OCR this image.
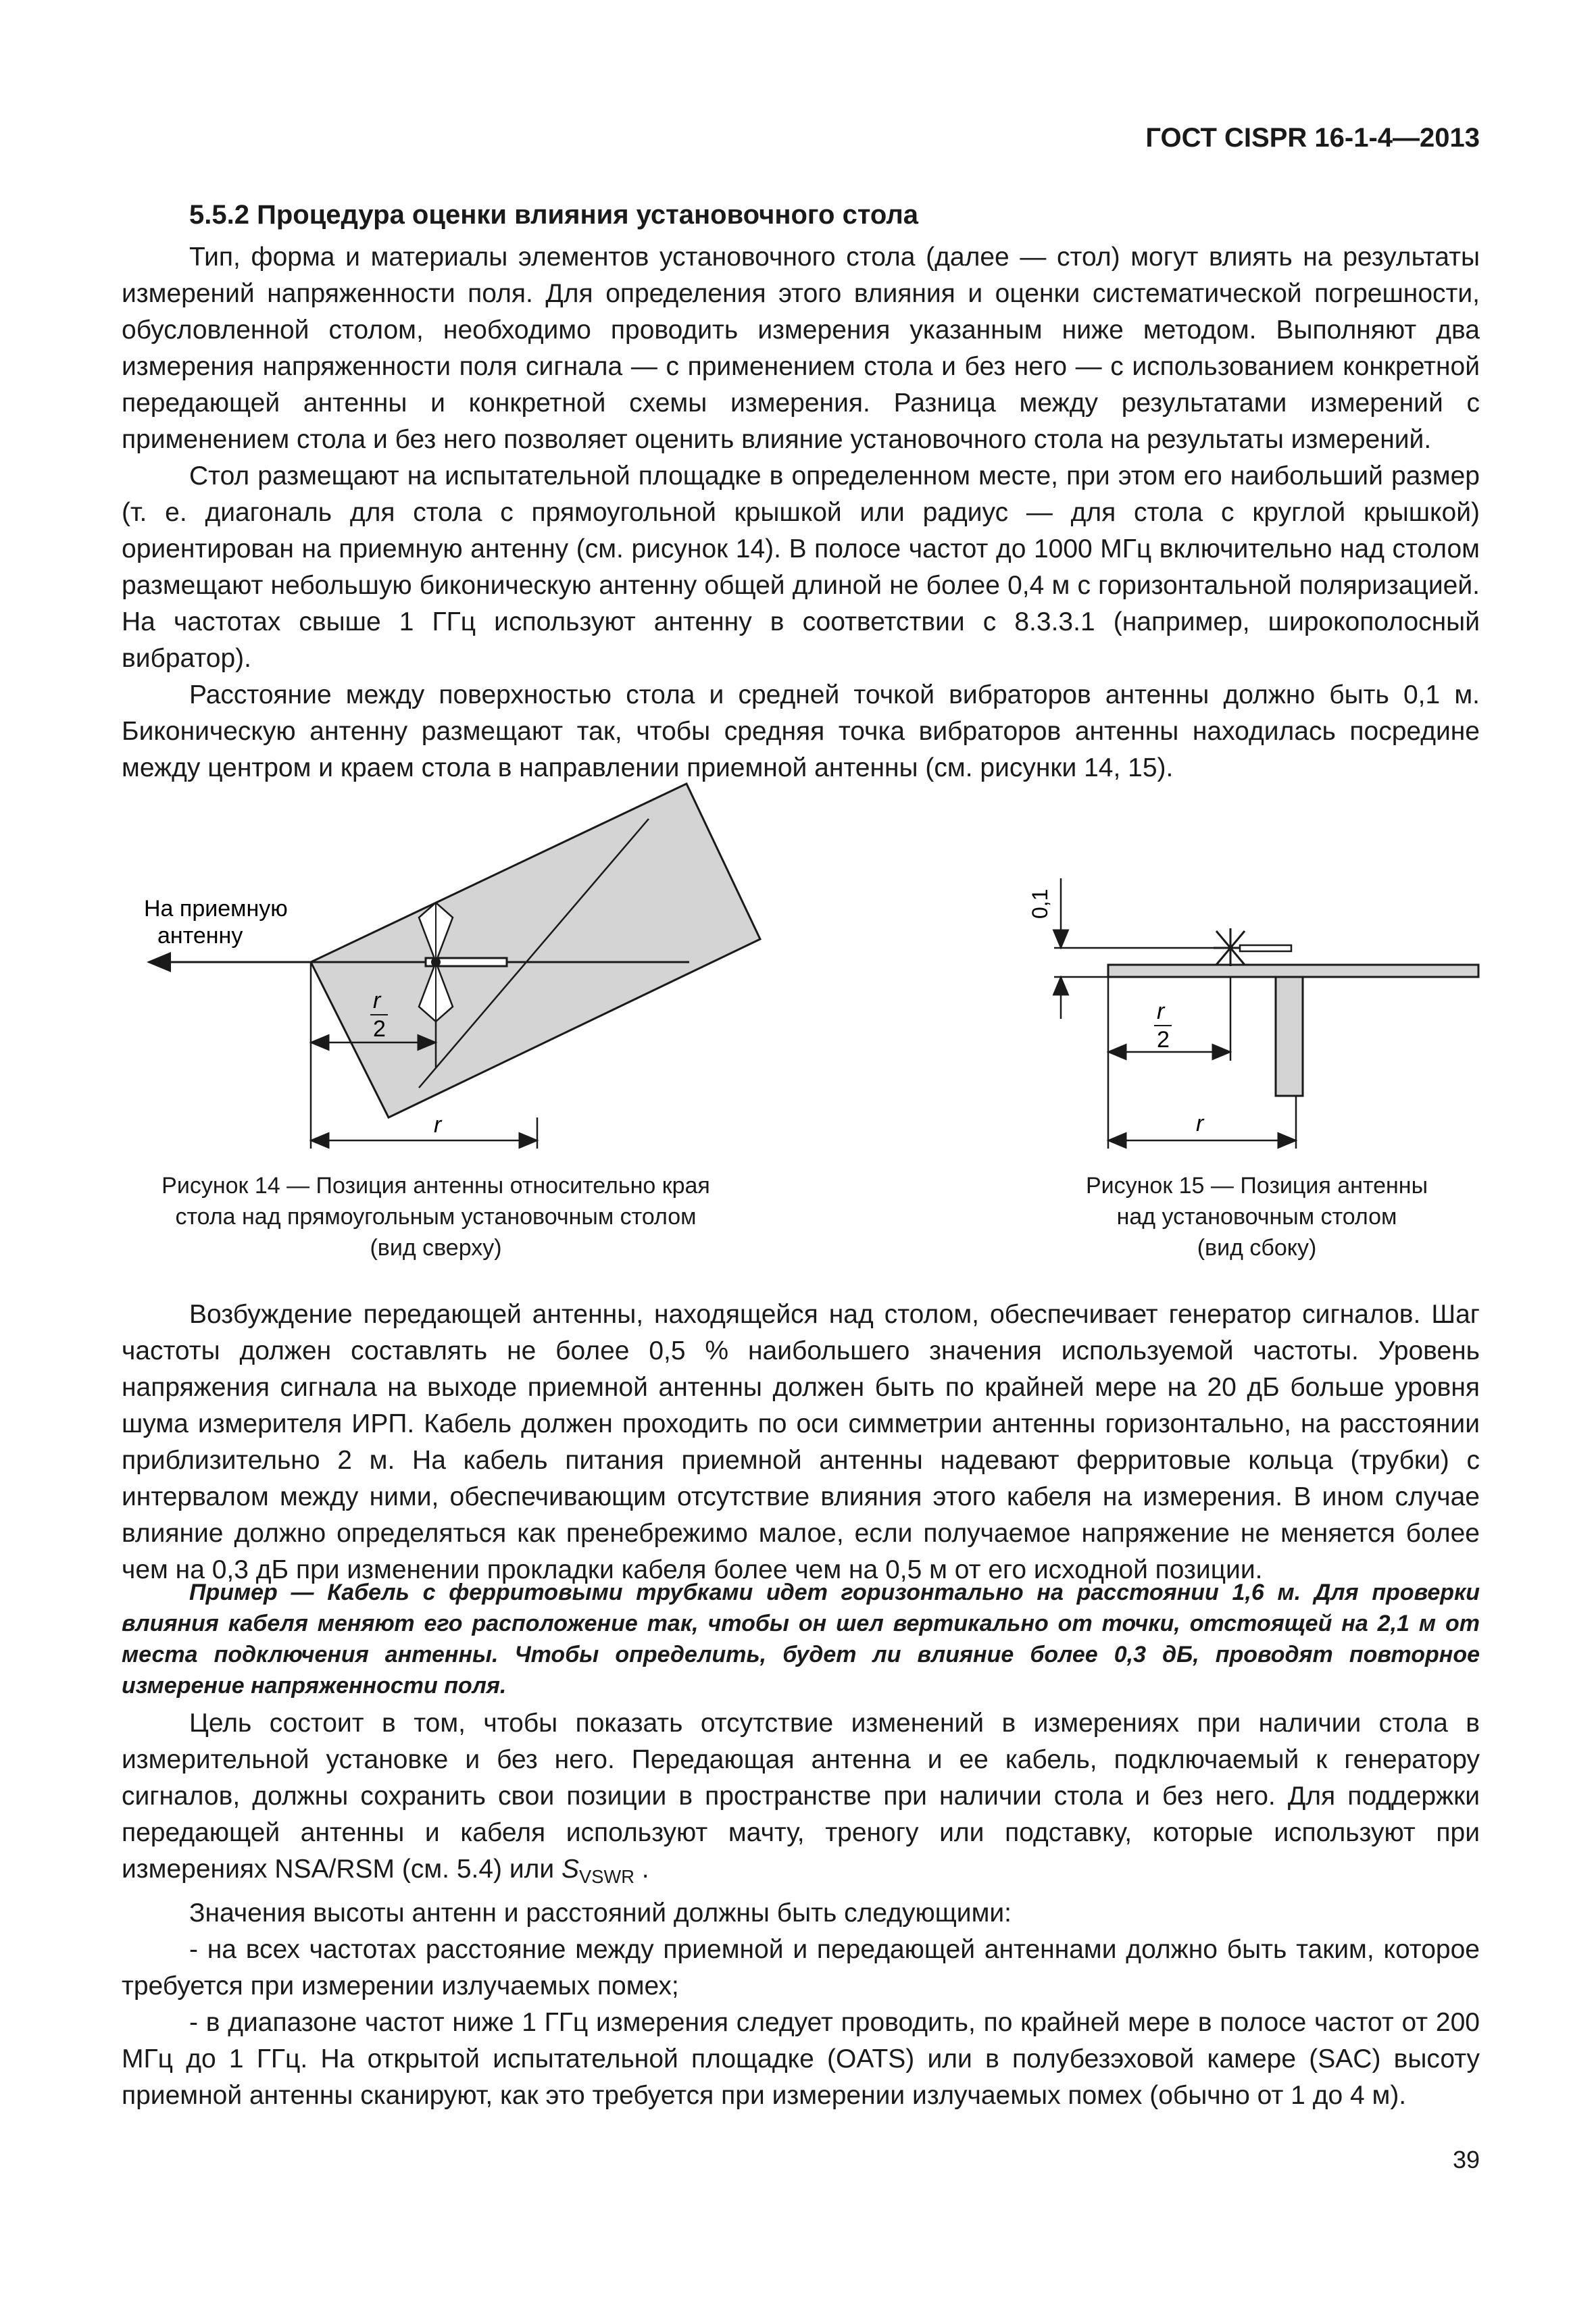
ГОСТ CISPR 16-1-4—2013
5.5.2 Процедура оценки влияния установочного стола

Тип, форма и материалы элементов установочного стола (далее — стол) могут влиять на результаты измерений напряженности поля. Для определения этого влияния и оценки систематической погрешности, обусловленной столом, необходимо проводить измерения указанным ниже методом. Выполняют два измерения напряженности поля сигнала — с применением стола и без него — с использованием конкретной передающей антенны и конкретной схемы измерения. Разница между результатами измерений с применением стола и без него позволяет оценить влияние установочного стола на результаты измерений.

Стол размещают на испытательной площадке в определенном месте, при этом его наибольший размер (т. е. диагональ для стола с прямоугольной крышкой или радиус — для стола с круглой крышкой) ориентирован на приемную антенну (см. рисунок 14). В полосе частот до 1000 МГц включительно над столом размещают небольшую биконическую антенну общей длиной не более 0,4 м с горизонтальной поляризацией. На частотах свыше 1 ГГц используют антенну в соответствии с 8.3.3.1 (например, широкополосный вибратор).

Расстояние между поверхностью стола и средней точкой вибраторов антенны должно быть 0,1 м. Биконическую антенну размещают так, чтобы средняя точка вибраторов антенны находилась посредине между центром и краем стола в направлении приемной антенны (см. рисунки 14, 15).

На приемную
антенну
r
2
r
Рисунок 14 — Позиция антенны относительно края
стола над прямоугольным установочным столом
(вид сверху)
0,1
r
2
r
Рисунок 15 — Позиция антенны
над установочным столом
(вид сбоку)

Возбуждение передающей антенны, находящейся над столом, обеспечивает генератор сигналов. Шаг частоты должен составлять не более 0,5 % наибольшего значения используемой частоты. Уровень напряжения сигнала на выходе приемной антенны должен быть по крайней мере на 20 дБ больше уровня шума измерителя ИРП. Кабель должен проходить по оси симметрии антенны горизонтально, на расстоянии приблизительно 2 м. На кабель питания приемной антенны надевают ферритовые кольца (трубки) с интервалом между ними, обеспечивающим отсутствие влияния этого кабеля на измерения. В ином случае влияние должно определяться как пренебрежимо малое, если получаемое напряжение не меняется более чем на 0,3 дБ при изменении прокладки кабеля более чем на 0,5 м от его исходной позиции.

Пример — Кабель с ферритовыми трубками идет горизонтально на расстоянии 1,6 м. Для проверки влияния кабеля меняют его расположение так, чтобы он шел вертикально от точки, отстоящей на 2,1 м от места подключения антенны. Чтобы определить, будет ли влияние более 0,3 дБ, проводят повторное измерение напряженности поля.

Цель состоит в том, чтобы показать отсутствие изменений в измерениях при наличии стола в измерительной установке и без него. Передающая антенна и ее кабель, подключаемый к генератору сигналов, должны сохранить свои позиции в пространстве при наличии стола и без него. Для поддержки передающей антенны и кабеля используют мачту, треногу или подставку, которые используют при измерениях NSA/RSM (см. 5.4) или $S_{VSWR}$ .

Значения высоты антенн и расстояний должны быть следующими:

- на всех частотах расстояние между приемной и передающей антеннами должно быть таким, которое требуется при измерении излучаемых помех;

- в диапазоне частот ниже 1 ГГц измерения следует проводить, по крайней мере в полосе частот от 200 МГц до 1 ГГц. На открытой испытательной площадке (OATS) или в полубезэховой камере (SAC) высоту приемной антенны сканируют, как это требуется при измерении излучаемых помех (обычно от 1 до 4 м).

39
